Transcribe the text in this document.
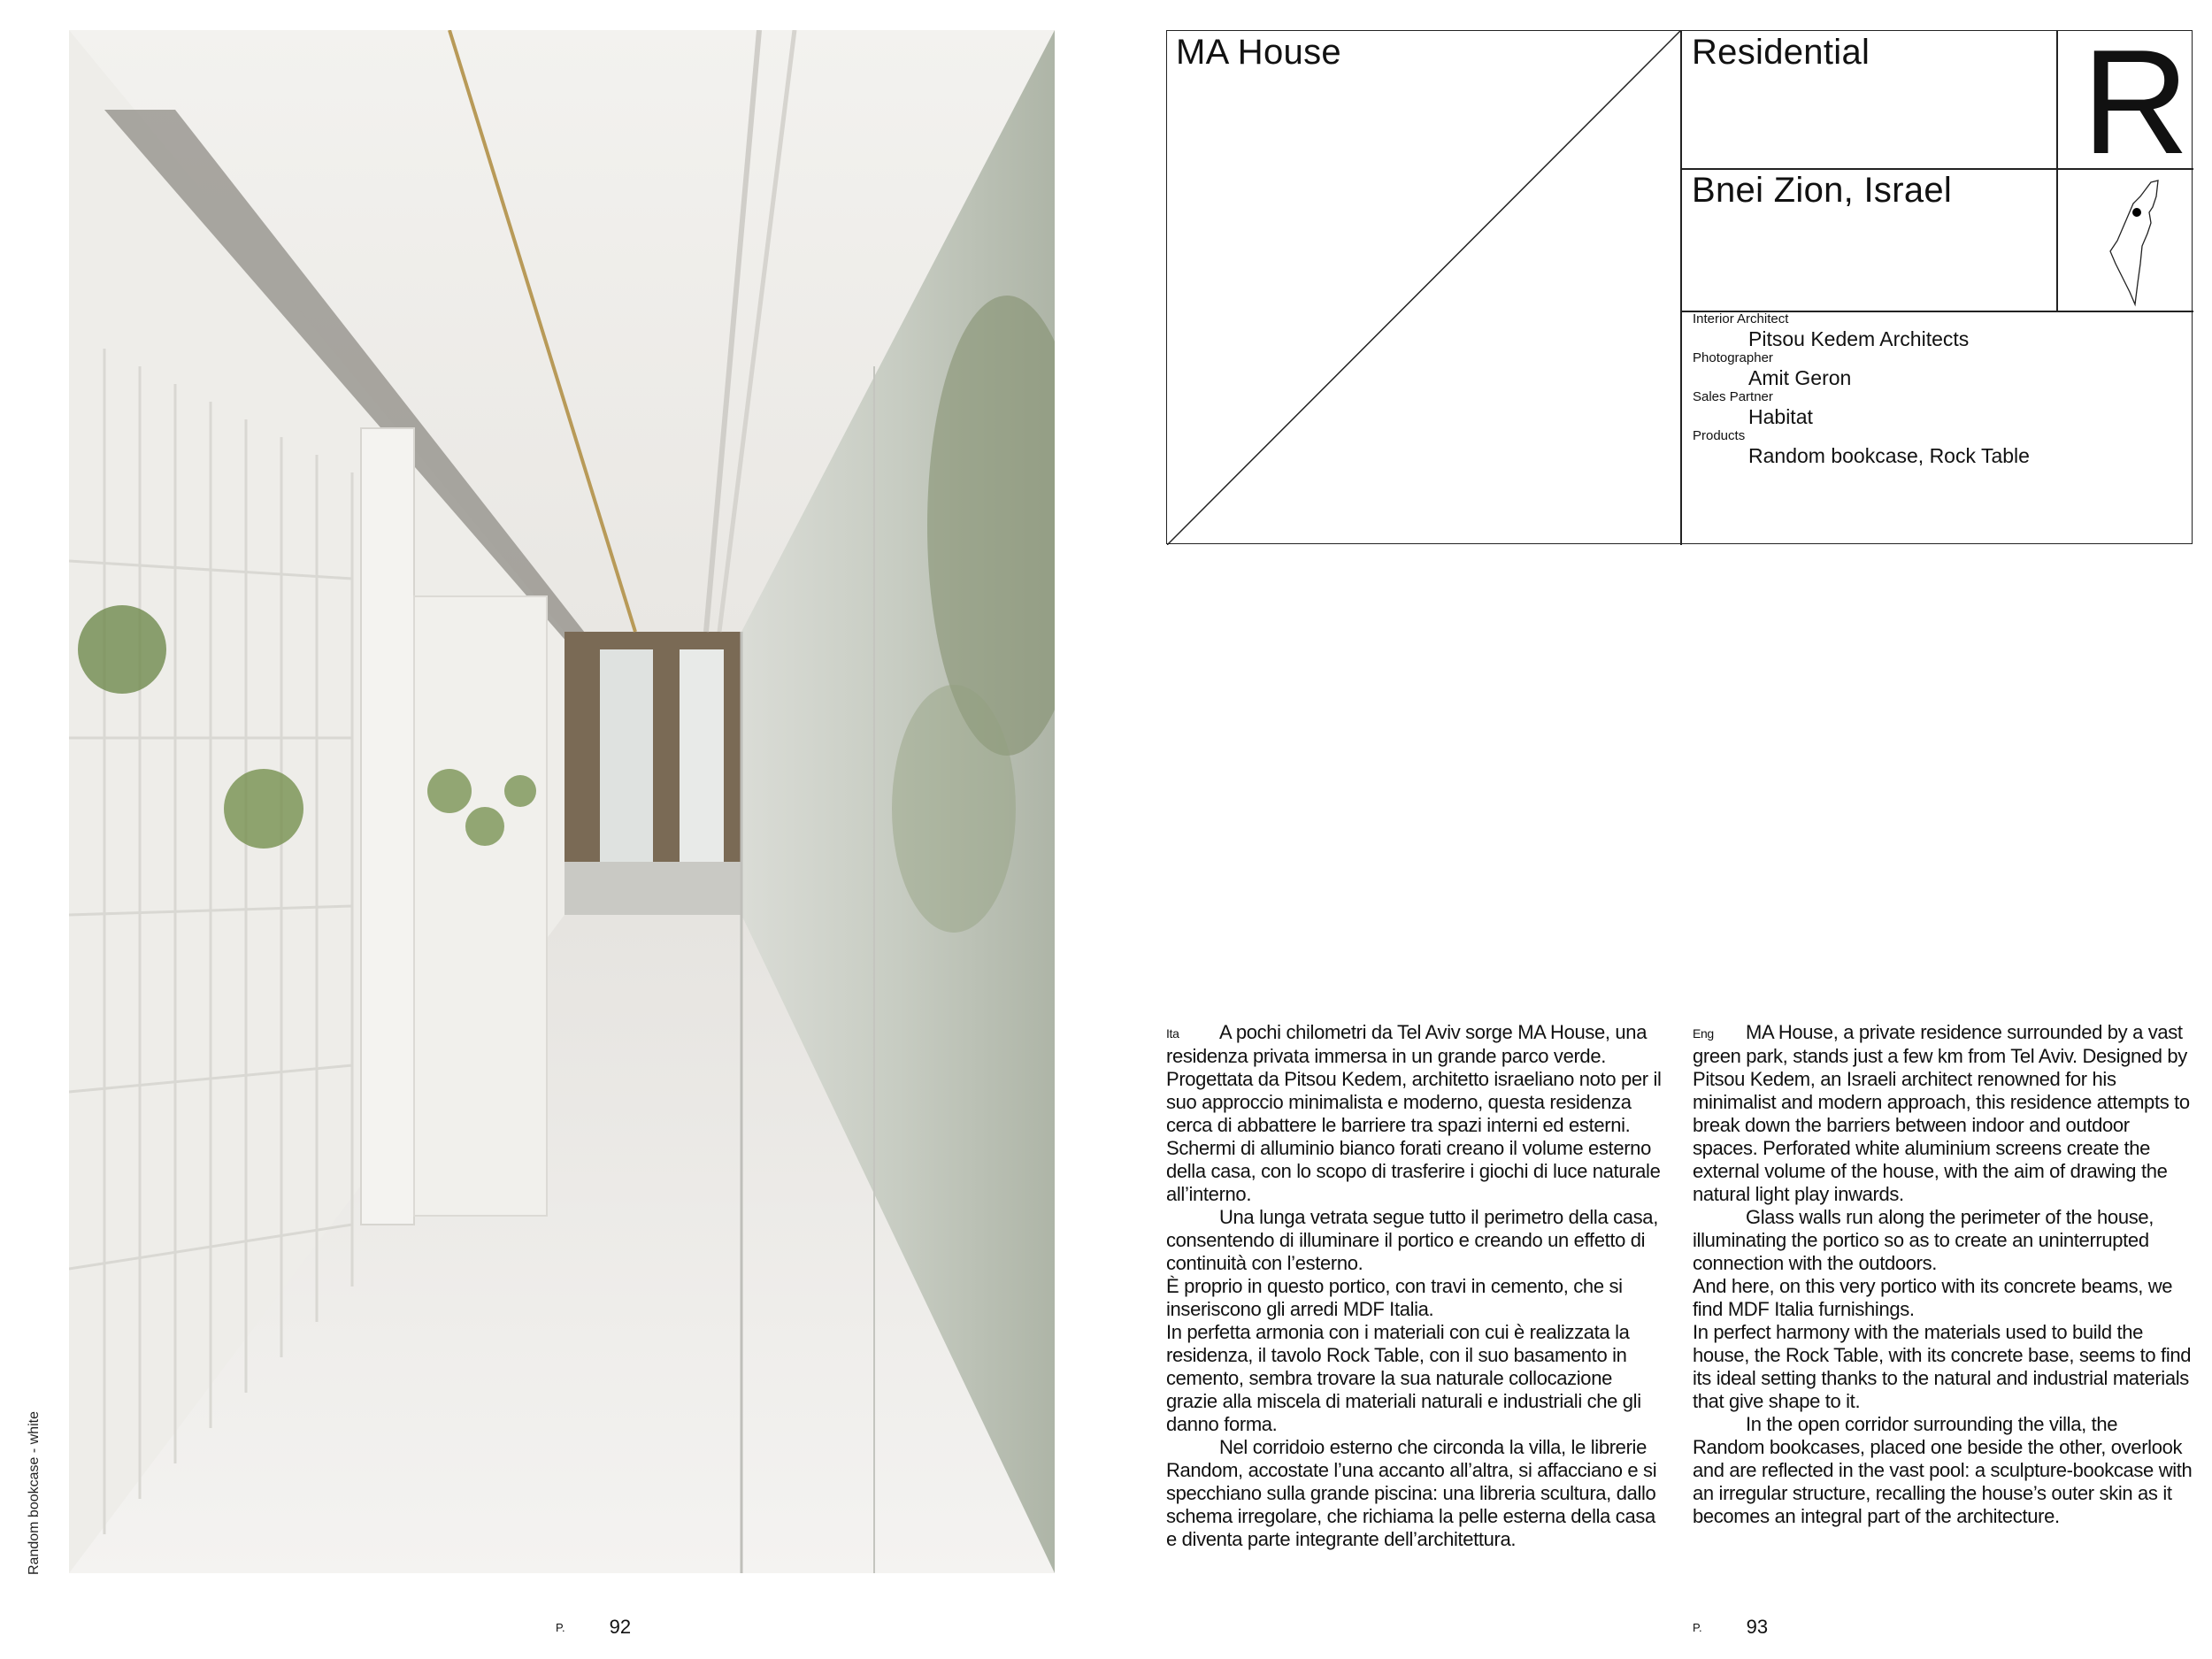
Random bookcase - white
P. 92
MA House	Residential R
Bnei Zion, Israel
Interior Architect
Pitsou Kedem Architects
Photographer
Amit Geron
Sales Partner
Habitat
Products
Random bookcase, Rock Table

Ita A pochi chilometri da Tel Aviv sorge MA House, una residenza privata immersa in un grande parco verde. Progettata da Pitsou Kedem, architetto israeliano noto per il suo approccio minimalista e moderno, questa residenza cerca di abbattere le barriere tra spazi interni ed esterni. Schermi di alluminio bianco forati creano il volume esterno della casa, con lo scopo di trasferire i giochi di luce naturale all’interno.

Una lunga vetrata segue tutto il perimetro della casa, consentendo di illuminare il portico e creando un effetto di continuità con l’esterno.

È proprio in questo portico, con travi in cemento, che si inseriscono gli arredi MDF Italia.

In perfetta armonia con i materiali con cui è realizzata la residenza, il tavolo Rock Table, con il suo basamento in cemento, sembra trovare la sua naturale collocazione grazie alla miscela di materiali naturali e industriali che gli danno forma.

Nel corridoio esterno che circonda la villa, le librerie Random, accostate l’una accanto all’altra, si affacciano e si specchiano sulla grande piscina: una libreria scultura, dallo schema irregolare, che richiama la pelle esterna della casa e diventa parte integrante dell’architettura.

Eng MA House, a private residence surrounded by a vast green park, stands just a few km from Tel Aviv. Designed by Pitsou Kedem, an Israeli architect renowned for his minimalist and modern approach, this residence attempts to break down the barriers between indoor and outdoor spaces. Perforated white aluminium screens create the external volume of the house, with the aim of drawing the natural light play inwards.

Glass walls run along the perimeter of the house, illuminating the portico so as to create an uninterrupted connection with the outdoors.

And here, on this very portico with its concrete beams, we find MDF Italia furnishings.

In perfect harmony with the materials used to build the house, the Rock Table, with its concrete base, seems to find its ideal setting thanks to the natural and industrial materials that give shape to it.

In the open corridor surrounding the villa, the Random bookcases, placed one beside the other, overlook and are reflected in the vast pool: a sculpture-bookcase with an irregular structure, recalling the house’s outer skin as it becomes an integral part of the architecture.

P. 93
